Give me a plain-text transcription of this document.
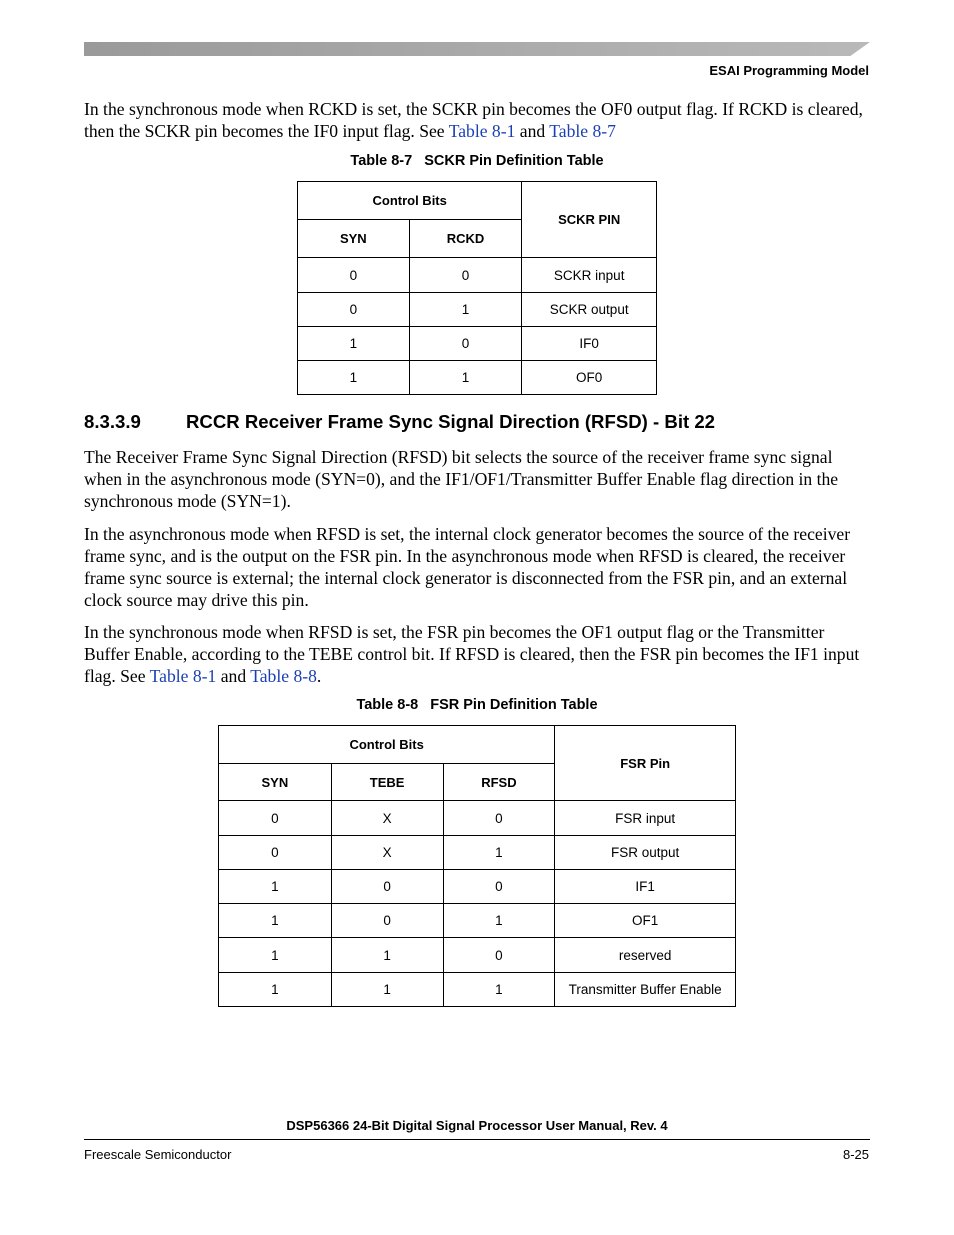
ESAI Programming Model

In the synchronous mode when RCKD is set, the SCKR pin becomes the OF0 output flag. If RCKD is cleared, then the SCKR pin becomes the IF0 input flag. See Table 8-1 and Table 8-7

Table 8-7 SCKR Pin Definition Table
Control Bits		SCKR PIN
SYN	RCKD	
0	0	SCKR input
0	1	SCKR output
1	0	IF0
1	1	OF0
8.3.3.9 RCCR Receiver Frame Sync Signal Direction (RFSD) - Bit 22

The Receiver Frame Sync Signal Direction (RFSD) bit selects the source of the receiver frame sync signal when in the asynchronous mode (SYN=0), and the IF1/OF1/Transmitter Buffer Enable flag direction in the synchronous mode (SYN=1).

In the asynchronous mode when RFSD is set, the internal clock generator becomes the source of the receiver frame sync, and is the output on the FSR pin. In the asynchronous mode when RFSD is cleared, the receiver frame sync source is external; the internal clock generator is disconnected from the FSR pin, and an external clock source may drive this pin.

In the synchronous mode when RFSD is set, the FSR pin becomes the OF1 output flag or the Transmitter Buffer Enable, according to the TEBE control bit. If RFSD is cleared, then the FSR pin becomes the IF1 input flag. See Table 8-1 and Table 8-8.

Table 8-8 FSR Pin Definition Table
Control Bits			FSR Pin
SYN	TEBE	RFSD	
0	X	0	FSR input
0	X	1	FSR output
1	0	0	IF1
1	0	1	OF1
1	1	0	reserved
1	1	1	Transmitter Buffer Enable
DSP56366 24-Bit Digital Signal Processor User Manual, Rev. 4
Freescale Semiconductor	8-25
